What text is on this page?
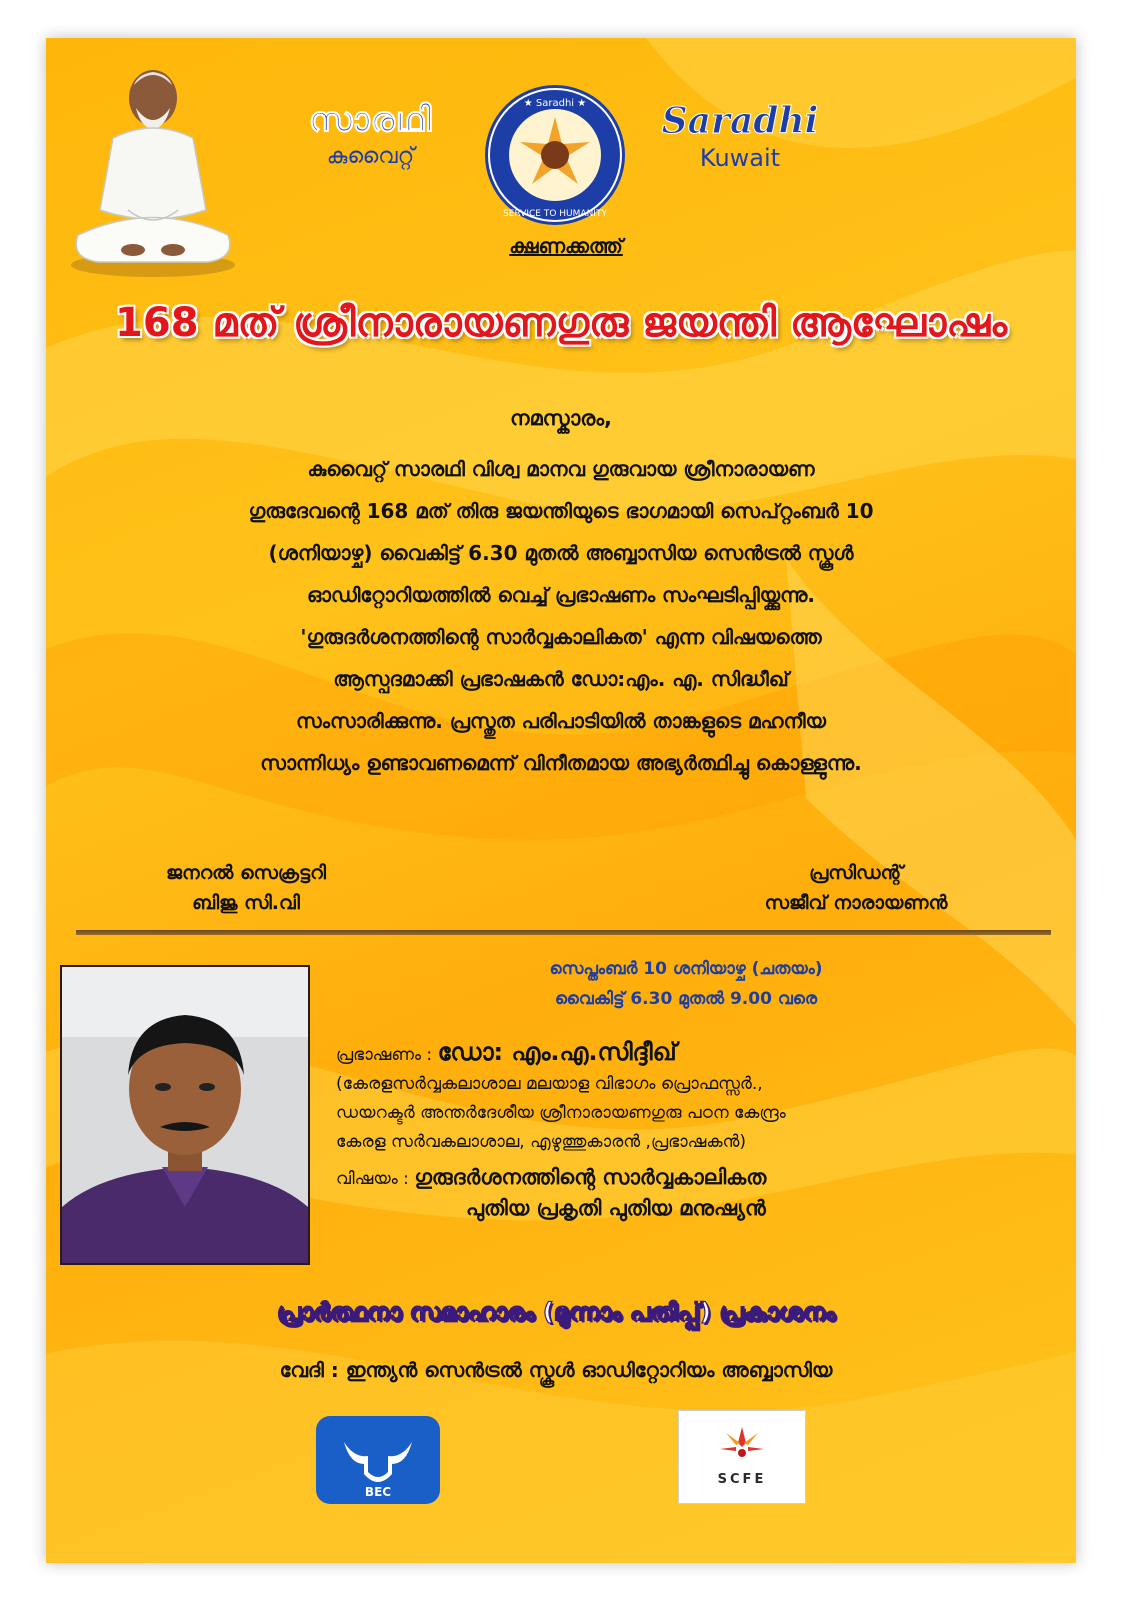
സാരഥി
കുവൈറ്റ്
★ Saradhi ★
SERVICE TO HUMANITY
Saradhi
Kuwait
ക്ഷണക്കത്ത്
168 മത് ശ്രീനാരായണഗുരു ജയന്തി ആഘോഷം
നമസ്കാരം,
കുവൈറ്റ് സാരഥി വിശ്വ മാനവ ഗുരുവായ ശ്രീനാരായണ
ഗുരുദേവന്റെ 168 മത് തിരു ജയന്തിയുടെ ഭാഗമായി സെപ്റ്റംബർ 10
(ശനിയാഴ്ച) വൈകിട്ട് 6.30 മുതൽ അബ്ബാസിയ സെൻട്രൽ സ്കൂൾ
ഓഡിറ്റോറിയത്തിൽ വെച്ച് പ്രഭാഷണം സംഘടിപ്പിയ്ക്കുന്നു.
'ഗുരുദർശനത്തിന്റെ സാർവ്വകാലികത' എന്ന വിഷയത്തെ
ആസ്പദമാക്കി പ്രഭാഷകൻ ഡോ:എം. എ. സിദ്ധീഖ്
സംസാരിക്കുന്നു. പ്രസ്തുത പരിപാടിയിൽ താങ്കളുടെ മഹനീയ
സാന്നിധ്യം ഉണ്ടാവണമെന്ന് വിനീതമായ അഭ്യർത്ഥിച്ചു കൊള്ളുന്നു.
ജനറൽ സെക്രട്ടറി
ബിജു സി.വി
പ്രസിഡന്റ്
സജീവ് നാരായണൻ
സെപ്തംബർ 10 ശനിയാഴ്ച (ചതയം)
വൈകിട്ട് 6.30 മുതൽ 9.00 വരെ
പ്രഭാഷണം : ഡോ: എം.എ.സിദ്ദീഖ്
(കേരളസർവ്വകലാശാല മലയാള വിഭാഗം പ്രൊഫസ്സർ.,
ഡയറക്ടർ അന്തർദേശീയ ശ്രീനാരായണഗുരു പഠന കേന്ദ്രം
കേരള സർവകലാശാല, എഴുത്തുകാരൻ ,പ്രഭാഷകൻ)
വിഷയം : ഗുരുദർശനത്തിന്റെ സാർവ്വകാലികത
പുതിയ പ്രകൃതി പുതിയ മനുഷ്യൻ
പ്രാർത്ഥനാ സമാഹാരം (മൂന്നാം പതിപ്പ്) പ്രകാശനം
വേദി : ഇന്ത്യൻ സെൻട്രൽ സ്കൂൾ ഓഡിറ്റോറിയം അബ്ബാസിയ
BEC
SCFE
